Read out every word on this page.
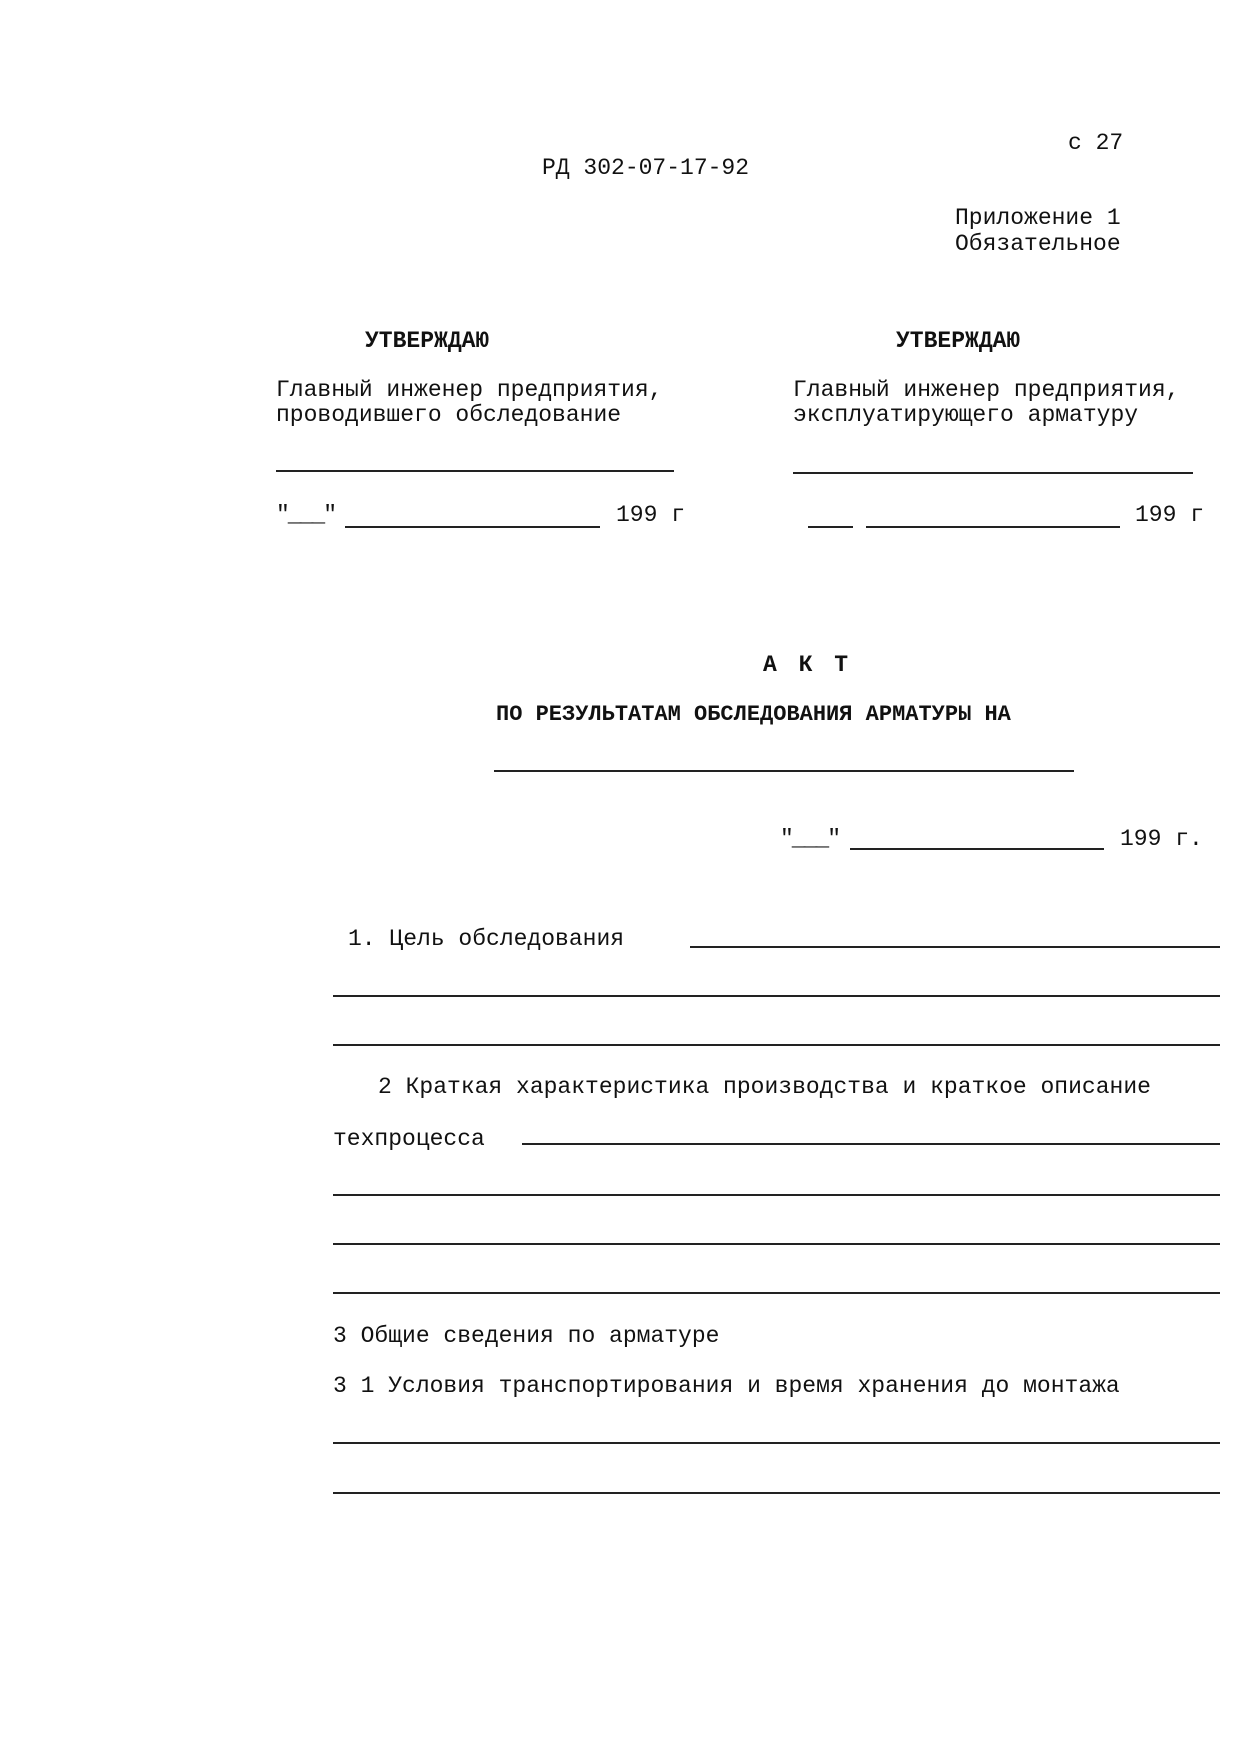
с 27
РД 302-07-17-92
Приложение 1
Обязательное
УТВЕРЖДАЮ
Главный инженер предприятия,
проводившего обследование
"___"	199 г
УТВЕРЖДАЮ
Главный инженер предприятия,
эксплуатирующего арматуру
199 г
А К Т
ПО РЕЗУЛЬТАТАМ ОБСЛЕДОВАНИЯ АРМАТУРЫ НА
"___"	199 г.
1. Цель обследования
2 Краткая характеристика производства и краткое описание
техпроцесса
3 Общие сведения по арматуре
3 1 Условия транспортирования и время хранения до монтажа
